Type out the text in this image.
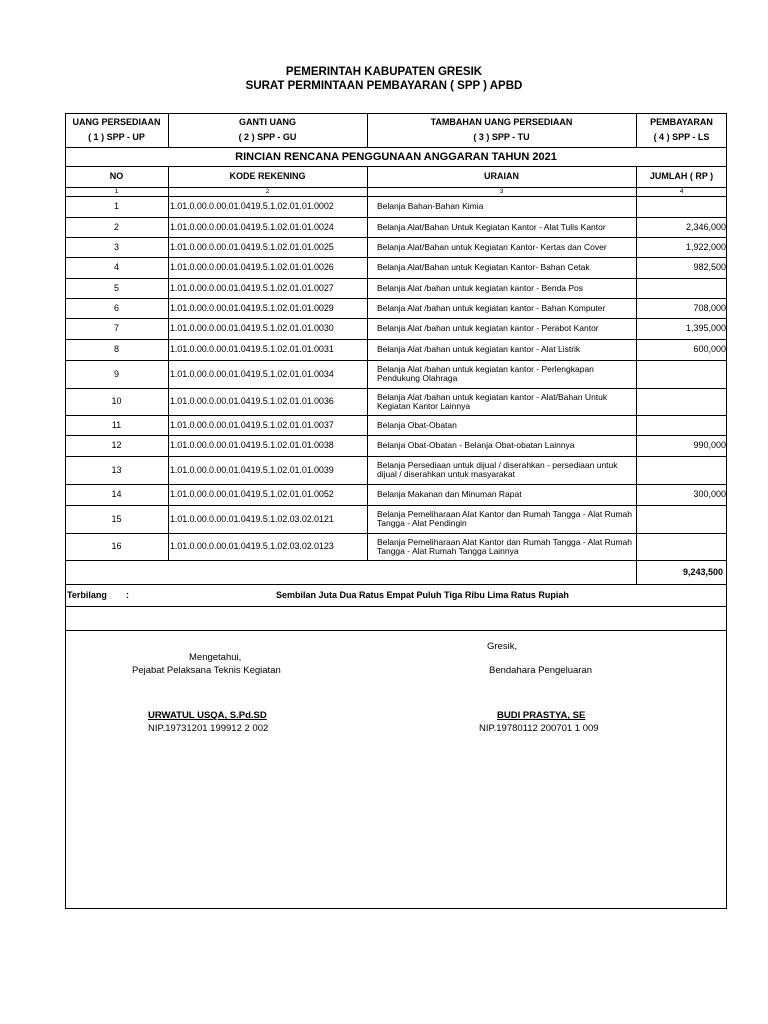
PEMERINTAH KABUPATEN GRESIK
SURAT PERMINTAAN PEMBAYARAN ( SPP ) APBD
UANG PERSEDIAAN
( 1 ) SPP - UP
GANTI UANG
( 2 ) SPP - GU
TAMBAHAN UANG PERSEDIAAN
( 3 ) SPP - TU
PEMBAYARAN
( 4 ) SPP - LS
RINCIAN RENCANA PENGGUNAAN ANGGARAN TAHUN 2021
NO	KODE REKENING	URAIAN	JUMLAH ( RP )
1	2	3	4
1	1.01.0.00.0.00.01.0419.5.1.02.01.01.0002	Belanja Bahan-Bahan Kimia
2	1.01.0.00.0.00.01.0419.5.1.02.01.01.0024	Belanja Alat/Bahan Untuk Kegiatan Kantor - Alat Tulis Kantor	2,346,000
3	1.01.0.00.0.00.01.0419.5.1.02.01.01.0025	Belanja Alat/Bahan untuk Kegiatan Kantor- Kertas dan Cover	1,922,000
4	1.01.0.00.0.00.01.0419.5.1.02.01.01.0026	Belanja Alat/Bahan untuk Kegiatan Kantor- Bahan Cetak	982,500
5	1.01.0.00.0.00.01.0419.5.1.02.01.01.0027	Belanja Alat /bahan untuk kegiatan kantor - Benda Pos
6	1.01.0.00.0.00.01.0419.5.1.02.01.01.0029	Belanja Alat /bahan untuk kegiatan kantor - Bahan Komputer	708,000
7	1.01.0.00.0.00.01.0419.5.1.02.01.01.0030	Belanja Alat /bahan untuk kegiatan kantor - Perabot Kantor	1,395,000
8	1.01.0.00.0.00.01.0419.5.1.02.01.01.0031	Belanja Alat /bahan untuk kegiatan kantor - Alat Listrik	600,000
9	1.01.0.00.0.00.01.0419.5.1.02.01.01.0034	Belanja Alat /bahan untuk kegiatan kantor - Perlengkapan Pendukung Olahraga
10	1.01.0.00.0.00.01.0419.5.1.02.01.01.0036	Belanja Alat /bahan untuk kegiatan kantor - Alat/Bahan Untuk Kegiatan Kantor Lainnya
11	1.01.0.00.0.00.01.0419.5.1.02.01.01.0037	Belanja Obat-Obatan
12	1.01.0.00.0.00.01.0419.5.1.02.01.01.0038	Belanja Obat-Obatan - Belanja Obat-obatan Lainnya	990,000
13	1.01.0.00.0.00.01.0419.5.1.02.01.01.0039	Belanja Persediaan untuk dijual / diserahkan - persediaan untuk dijual / diserahkan untuk masyarakat
14	1.01.0.00.0.00.01.0419.5.1.02.01.01.0052	Belanja Makanan dan Minuman Rapat	300,000
15	1.01.0.00.0.00.01.0419.5.1.02.03.02.0121	Belanja Pemeliharaan Alat Kantor dan Rumah Tangga - Alat Rumah Tangga - Alat Pendingin
16	1.01.0.00.0.00.01.0419.5.1.02.03.02.0123	Belanja Pemeliharaan Alat Kantor dan Rumah Tangga - Alat Rumah Tangga - Alat Rumah Tangga Lainnya
9,243,500
Terbilang :	Sembilan Juta Dua Ratus Empat Puluh Tiga Ribu Lima Ratus Rupiah
Mengetahui,
Pejabat Pelaksana Teknis Kegiatan
URWATUL USQA, S.Pd.SD
NIP.19731201 199912 2 002
Gresik,
Bendahara Pengeluaran
BUDI PRASTYA, SE
NIP.19780112 200701 1 009
